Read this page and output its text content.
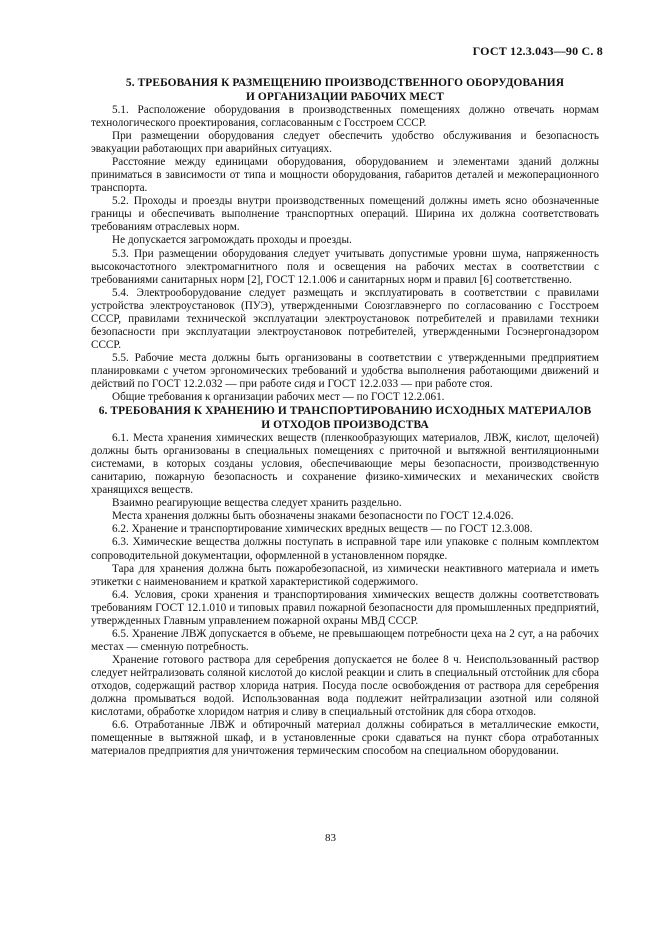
ГОСТ 12.3.043—90 С. 8
5. ТРЕБОВАНИЯ К РАЗМЕЩЕНИЮ ПРОИЗВОДСТВЕННОГО ОБОРУДОВАНИЯ
И ОРГАНИЗАЦИИ РАБОЧИХ МЕСТ

5.1. Расположение оборудования в производственных помещениях должно отвечать нормам технологического проектирования, согласованным с Госстроем СССР.

При размещении оборудования следует обеспечить удобство обслуживания и безопасность эвакуации работающих при аварийных ситуациях.

Расстояние между единицами оборудования, оборудованием и элементами зданий должны приниматься в зависимости от типа и мощности оборудования, габаритов деталей и межоперационного транспорта.

5.2. Проходы и проезды внутри производственных помещений должны иметь ясно обозначенные границы и обеспечивать выполнение транспортных операций. Ширина их должна соответствовать требованиям отраслевых норм.

Не допускается загромождать проходы и проезды.

5.3. При размещении оборудования следует учитывать допустимые уровни шума, напряженность высокочастотного электромагнитного поля и освещения на рабочих местах в соответствии с требованиями санитарных норм [2], ГОСТ 12.1.006 и санитарных норм и правил [6] соответственно.

5.4. Электрооборудование следует размещать и эксплуатировать в соответствии с правилами устройства электроустановок (ПУЭ), утвержденными Союзглавэнерго по согласованию с Госстроем СССР, правилами технической эксплуатации электроустановок потребителей и правилами техники безопасности при эксплуатации электроустановок потребителей, утвержденными Госэнергонадзором СССР.

5.5. Рабочие места должны быть организованы в соответствии с утвержденными предприятием планировками с учетом эргономических требований и удобства выполнения работающими движений и действий по ГОСТ 12.2.032 — при работе сидя и ГОСТ 12.2.033 — при работе стоя.

Общие требования к организации рабочих мест — по ГОСТ 12.2.061.

6. ТРЕБОВАНИЯ К ХРАНЕНИЮ И ТРАНСПОРТИРОВАНИЮ ИСХОДНЫХ МАТЕРИАЛОВ
И ОТХОДОВ ПРОИЗВОДСТВА

6.1. Места хранения химических веществ (пленкообразующих материалов, ЛВЖ, кислот, щелочей) должны быть организованы в специальных помещениях с приточной и вытяжной вентиляционными системами, в которых созданы условия, обеспечивающие меры безопасности, производственную санитарию, пожарную безопасность и сохранение физико-химических и механических свойств хранящихся веществ.

Взаимно реагирующие вещества следует хранить раздельно.

Места хранения должны быть обозначены знаками безопасности по ГОСТ 12.4.026.

6.2. Хранение и транспортирование химических вредных веществ — по ГОСТ 12.3.008.

6.3. Химические вещества должны поступать в исправной таре или упаковке с полным комплектом сопроводительной документации, оформленной в установленном порядке.

Тара для хранения должна быть пожаробезопасной, из химически неактивного материала и иметь этикетки с наименованием и краткой характеристикой содержимого.

6.4. Условия, сроки хранения и транспортирования химических веществ должны соответствовать требованиям ГОСТ 12.1.010 и типовых правил пожарной безопасности для промышленных предприятий, утвержденных Главным управлением пожарной охраны МВД СССР.

6.5. Хранение ЛВЖ допускается в объеме, не превышающем потребности цеха на 2 сут, а на рабочих местах — сменную потребность.

Хранение готового раствора для серебрения допускается не более 8 ч. Неиспользованный раствор следует нейтрализовать соляной кислотой до кислой реакции и слить в специальный отстойник для сбора отходов, содержащий раствор хлорида натрия. Посуда после освобождения от раствора для серебрения должна промываться водой. Использованная вода подлежит нейтрализации азотной или соляной кислотами, обработке хлоридом натрия и сливу в специальный отстойник для сбора отходов.

6.6. Отработанные ЛВЖ и обтирочный материал должны собираться в металлические емкости, помещенные в вытяжной шкаф, и в установленные сроки сдаваться на пункт сбора отработанных материалов предприятия для уничтожения термическим способом на специальном оборудовании.

83
